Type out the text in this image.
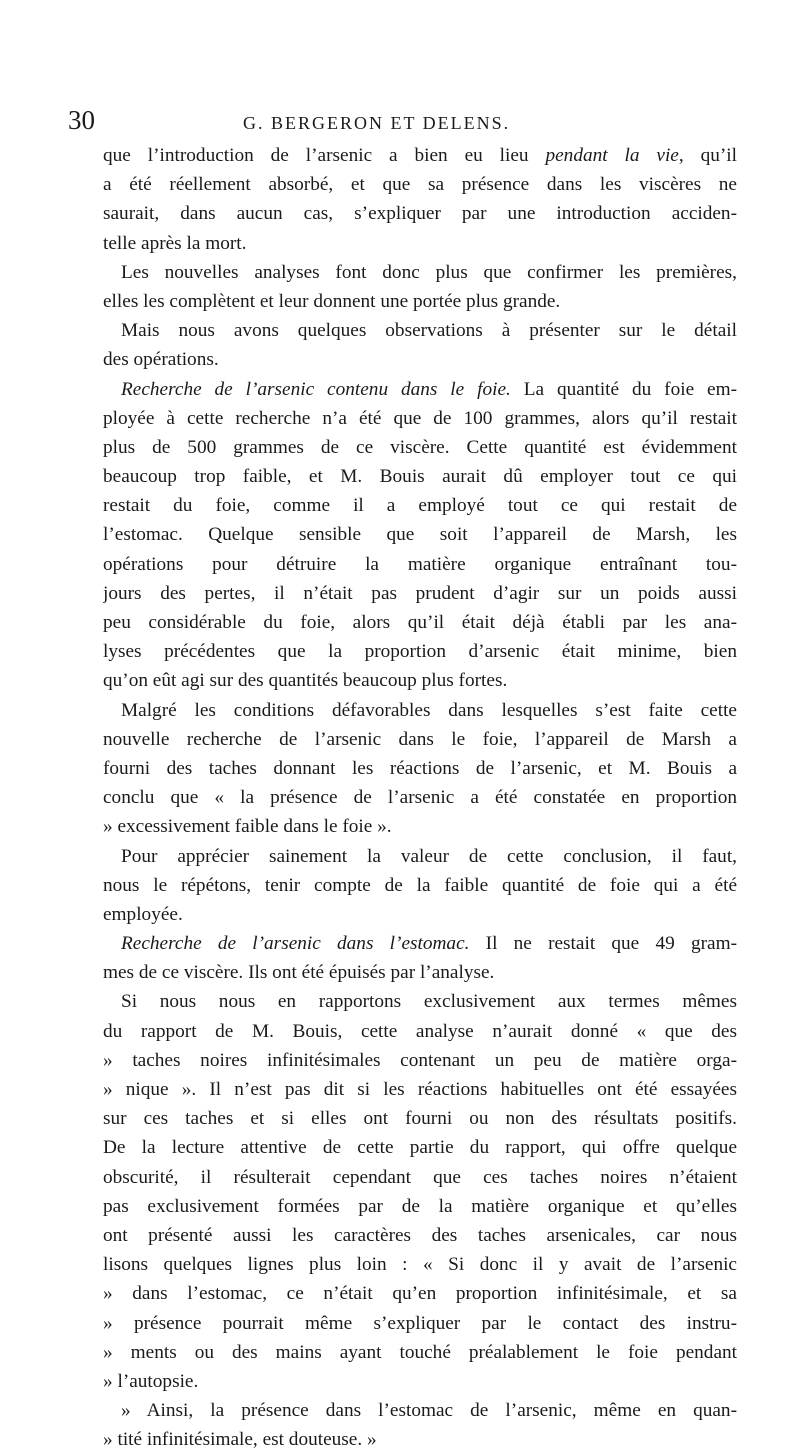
30	G. BERGERON ET DELENS.
que l’introduction de l’arsenic a bien eu lieu pendant la vie, qu’il
a été réellement absorbé, et que sa présence dans les viscères ne
saurait, dans aucun cas, s’expliquer par une introduction acciden-
telle après la mort.
Les nouvelles analyses font donc plus que confirmer les premières,
elles les complètent et leur donnent une portée plus grande.
Mais nous avons quelques observations à présenter sur le détail
des opérations.
Recherche de l’arsenic contenu dans le foie. La quantité du foie em-
ployée à cette recherche n’a été que de 100 grammes, alors qu’il restait
plus de 500 grammes de ce viscère. Cette quantité est évidemment
beaucoup trop faible, et M. Bouis aurait dû employer tout ce qui
restait du foie, comme il a employé tout ce qui restait de
l’estomac. Quelque sensible que soit l’appareil de Marsh, les
opérations pour détruire la matière organique entraînant tou-
jours des pertes, il n’était pas prudent d’agir sur un poids aussi
peu considérable du foie, alors qu’il était déjà établi par les ana-
lyses précédentes que la proportion d’arsenic était minime, bien
qu’on eût agi sur des quantités beaucoup plus fortes.
Malgré les conditions défavorables dans lesquelles s’est faite cette
nouvelle recherche de l’arsenic dans le foie, l’appareil de Marsh a
fourni des taches donnant les réactions de l’arsenic, et M. Bouis a
conclu que « la présence de l’arsenic a été constatée en proportion
» excessivement faible dans le foie ».
Pour apprécier sainement la valeur de cette conclusion, il faut,
nous le répétons, tenir compte de la faible quantité de foie qui a été
employée.
Recherche de l’arsenic dans l’estomac. Il ne restait que 49 gram-
mes de ce viscère. Ils ont été épuisés par l’analyse.
Si nous nous en rapportons exclusivement aux termes mêmes
du rapport de M. Bouis, cette analyse n’aurait donné « que des
» taches noires infinitésimales contenant un peu de matière orga-
» nique ». Il n’est pas dit si les réactions habituelles ont été essayées
sur ces taches et si elles ont fourni ou non des résultats positifs.
De la lecture attentive de cette partie du rapport, qui offre quelque
obscurité, il résulterait cependant que ces taches noires n’étaient
pas exclusivement formées par de la matière organique et qu’elles
ont présenté aussi les caractères des taches arsenicales, car nous
lisons quelques lignes plus loin : « Si donc il y avait de l’arsenic
» dans l’estomac, ce n’était qu’en proportion infinitésimale, et sa
» présence pourrait même s’expliquer par le contact des instru-
» ments ou des mains ayant touché préalablement le foie pendant
» l’autopsie.
» Ainsi, la présence dans l’estomac de l’arsenic, même en quan-
» tité infinitésimale, est douteuse. »
